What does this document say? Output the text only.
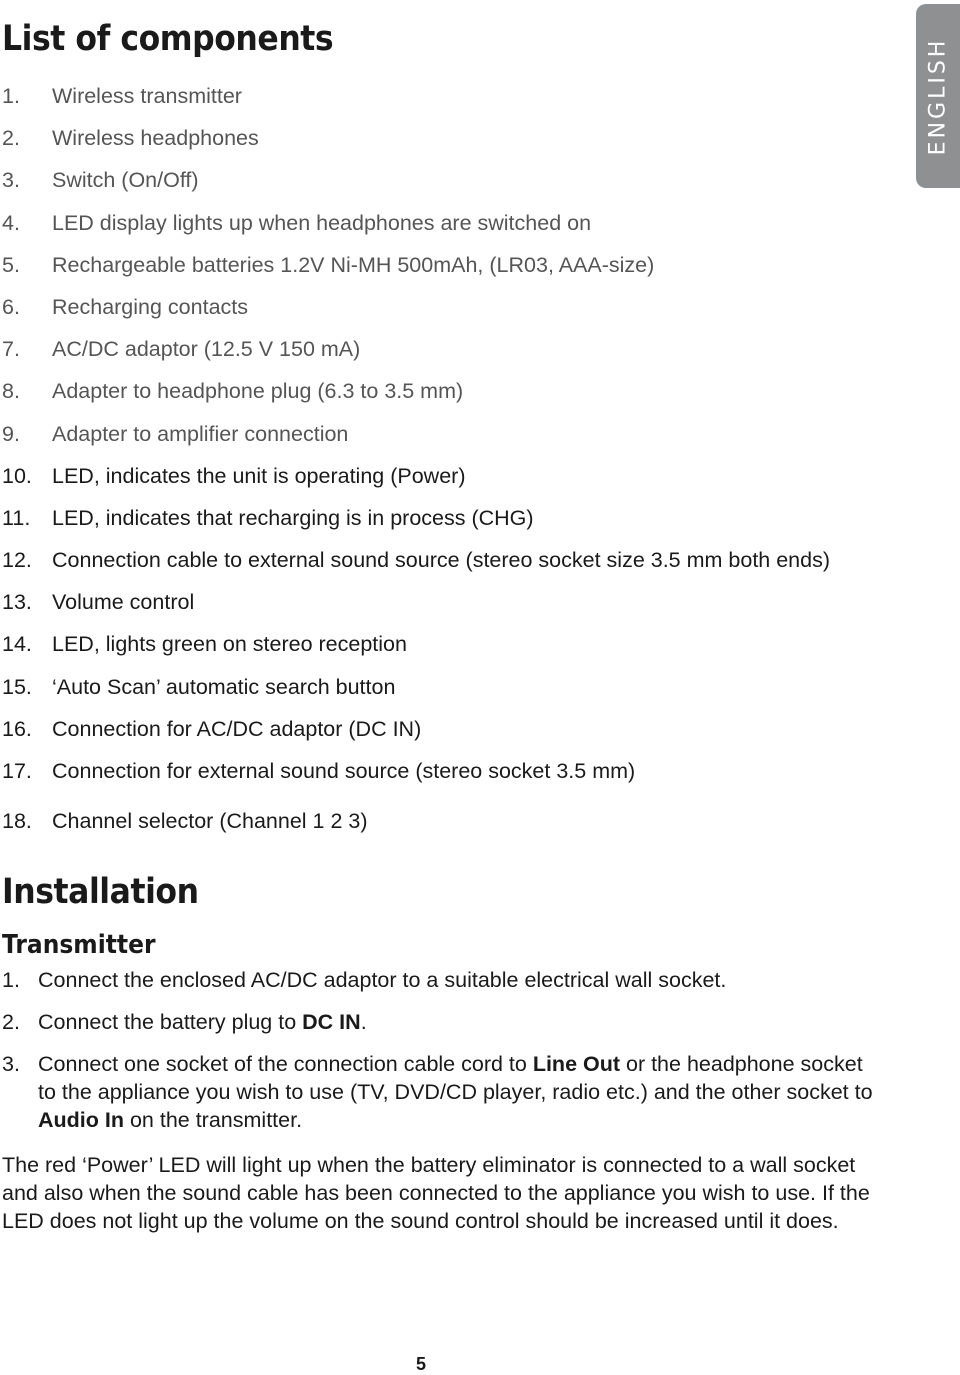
ENGLISH
List of components
1. Wireless transmitter
2. Wireless headphones
3. Switch (On/Off)
4. LED display lights up when headphones are switched on
5. Rechargeable batteries 1.2V Ni-MH 500mAh, (LR03, AAA-size)
6. Recharging contacts
7. AC/DC adaptor (12.5 V 150 mA)
8. Adapter to headphone plug (6.3 to 3.5 mm)
9. Adapter to amplifier connection
10. LED, indicates the unit is operating (Power)
11. LED, indicates that recharging is in process (CHG)
12. Connection cable to external sound source (stereo socket size 3.5 mm both ends)
13. Volume control
14. LED, lights green on stereo reception
15. ‘Auto Scan’ automatic search button
16. Connection for AC/DC adaptor (DC IN)
17. Connection for external sound source (stereo socket 3.5 mm)
18. Channel selector (Channel 1 2 3)
Installation
Transmitter
1. Connect the enclosed AC/DC adaptor to a suitable electrical wall socket.
2. Connect the battery plug to DC IN.
3. Connect one socket of the connection cable cord to Line Out or the headphone socket to the appliance you wish to use (TV, DVD/CD player, radio etc.) and the other socket to Audio In on the transmitter.

The red ‘Power’ LED will light up when the battery eliminator is connected to a wall socket and also when the sound cable has been connected to the appliance you wish to use. If the LED does not light up the volume on the sound control should be increased until it does.

5
